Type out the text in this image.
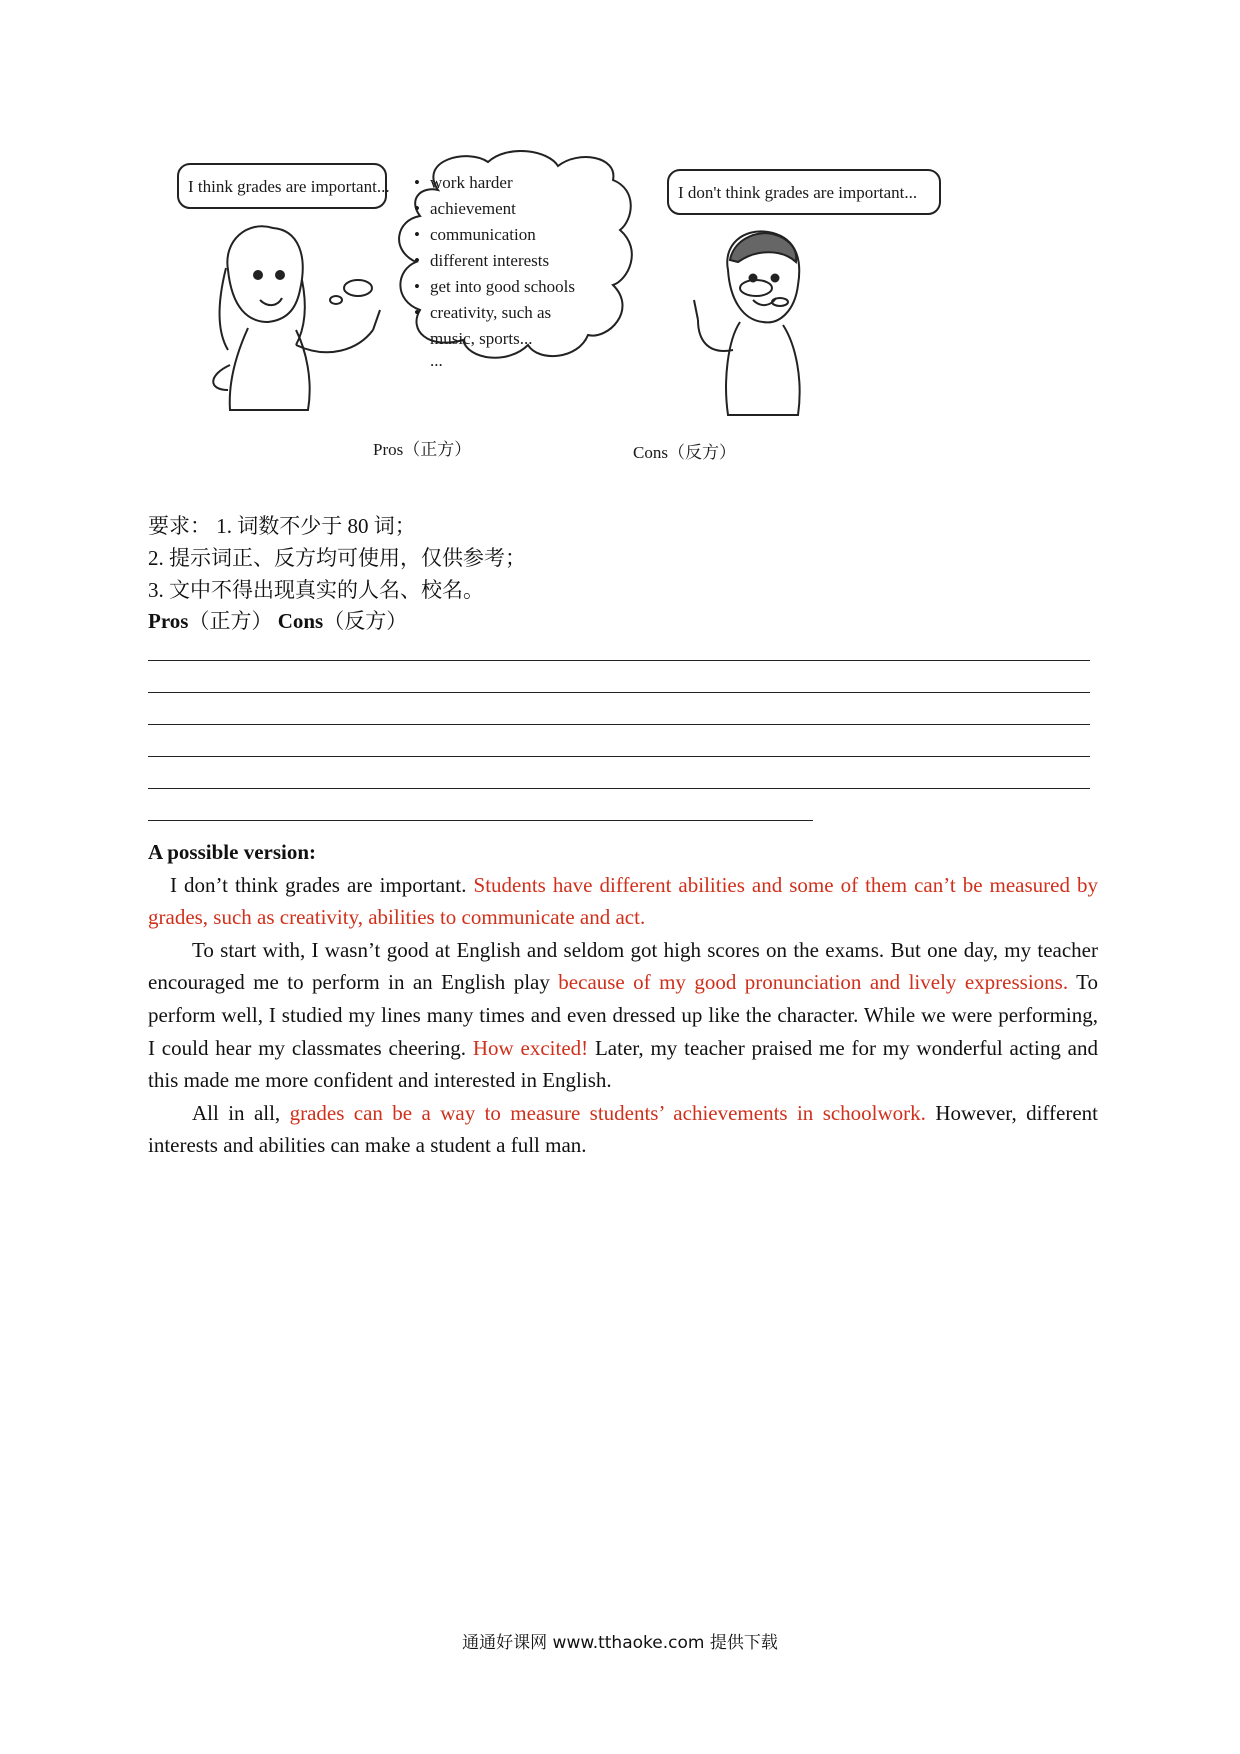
I think grades are important...	I don't think grades are important...
• work harder
• achievement
• communication
• different interests
• get into good schools
• creativity, such as
music, sports...
...
Pros（正方）	Cons（反方）
要求： 1. 词数不少于 80 词；
2. 提示词正、反方均可使用，仅供参考；
3. 文中不得出现真实的人名、校名。
Pros（正方） Cons（反方）
A possible version:

I don’t think grades are important. Students have different abilities and some of them can’t be measured by grades, such as creativity, abilities to communicate and act.

To start with, I wasn’t good at English and seldom got high scores on the exams. But one day, my teacher encouraged me to perform in an English play because of my good pronunciation and lively expressions. To perform well, I studied my lines many times and even dressed up like the character. While we were performing, I could hear my classmates cheering. How excited! Later, my teacher praised me for my wonderful acting and this made me more confident and interested in English.

All in all, grades can be a way to measure students’ achievements in schoolwork. However, different interests and abilities can make a student a full man.

通通好课网 www.tthaoke.com 提供下载
